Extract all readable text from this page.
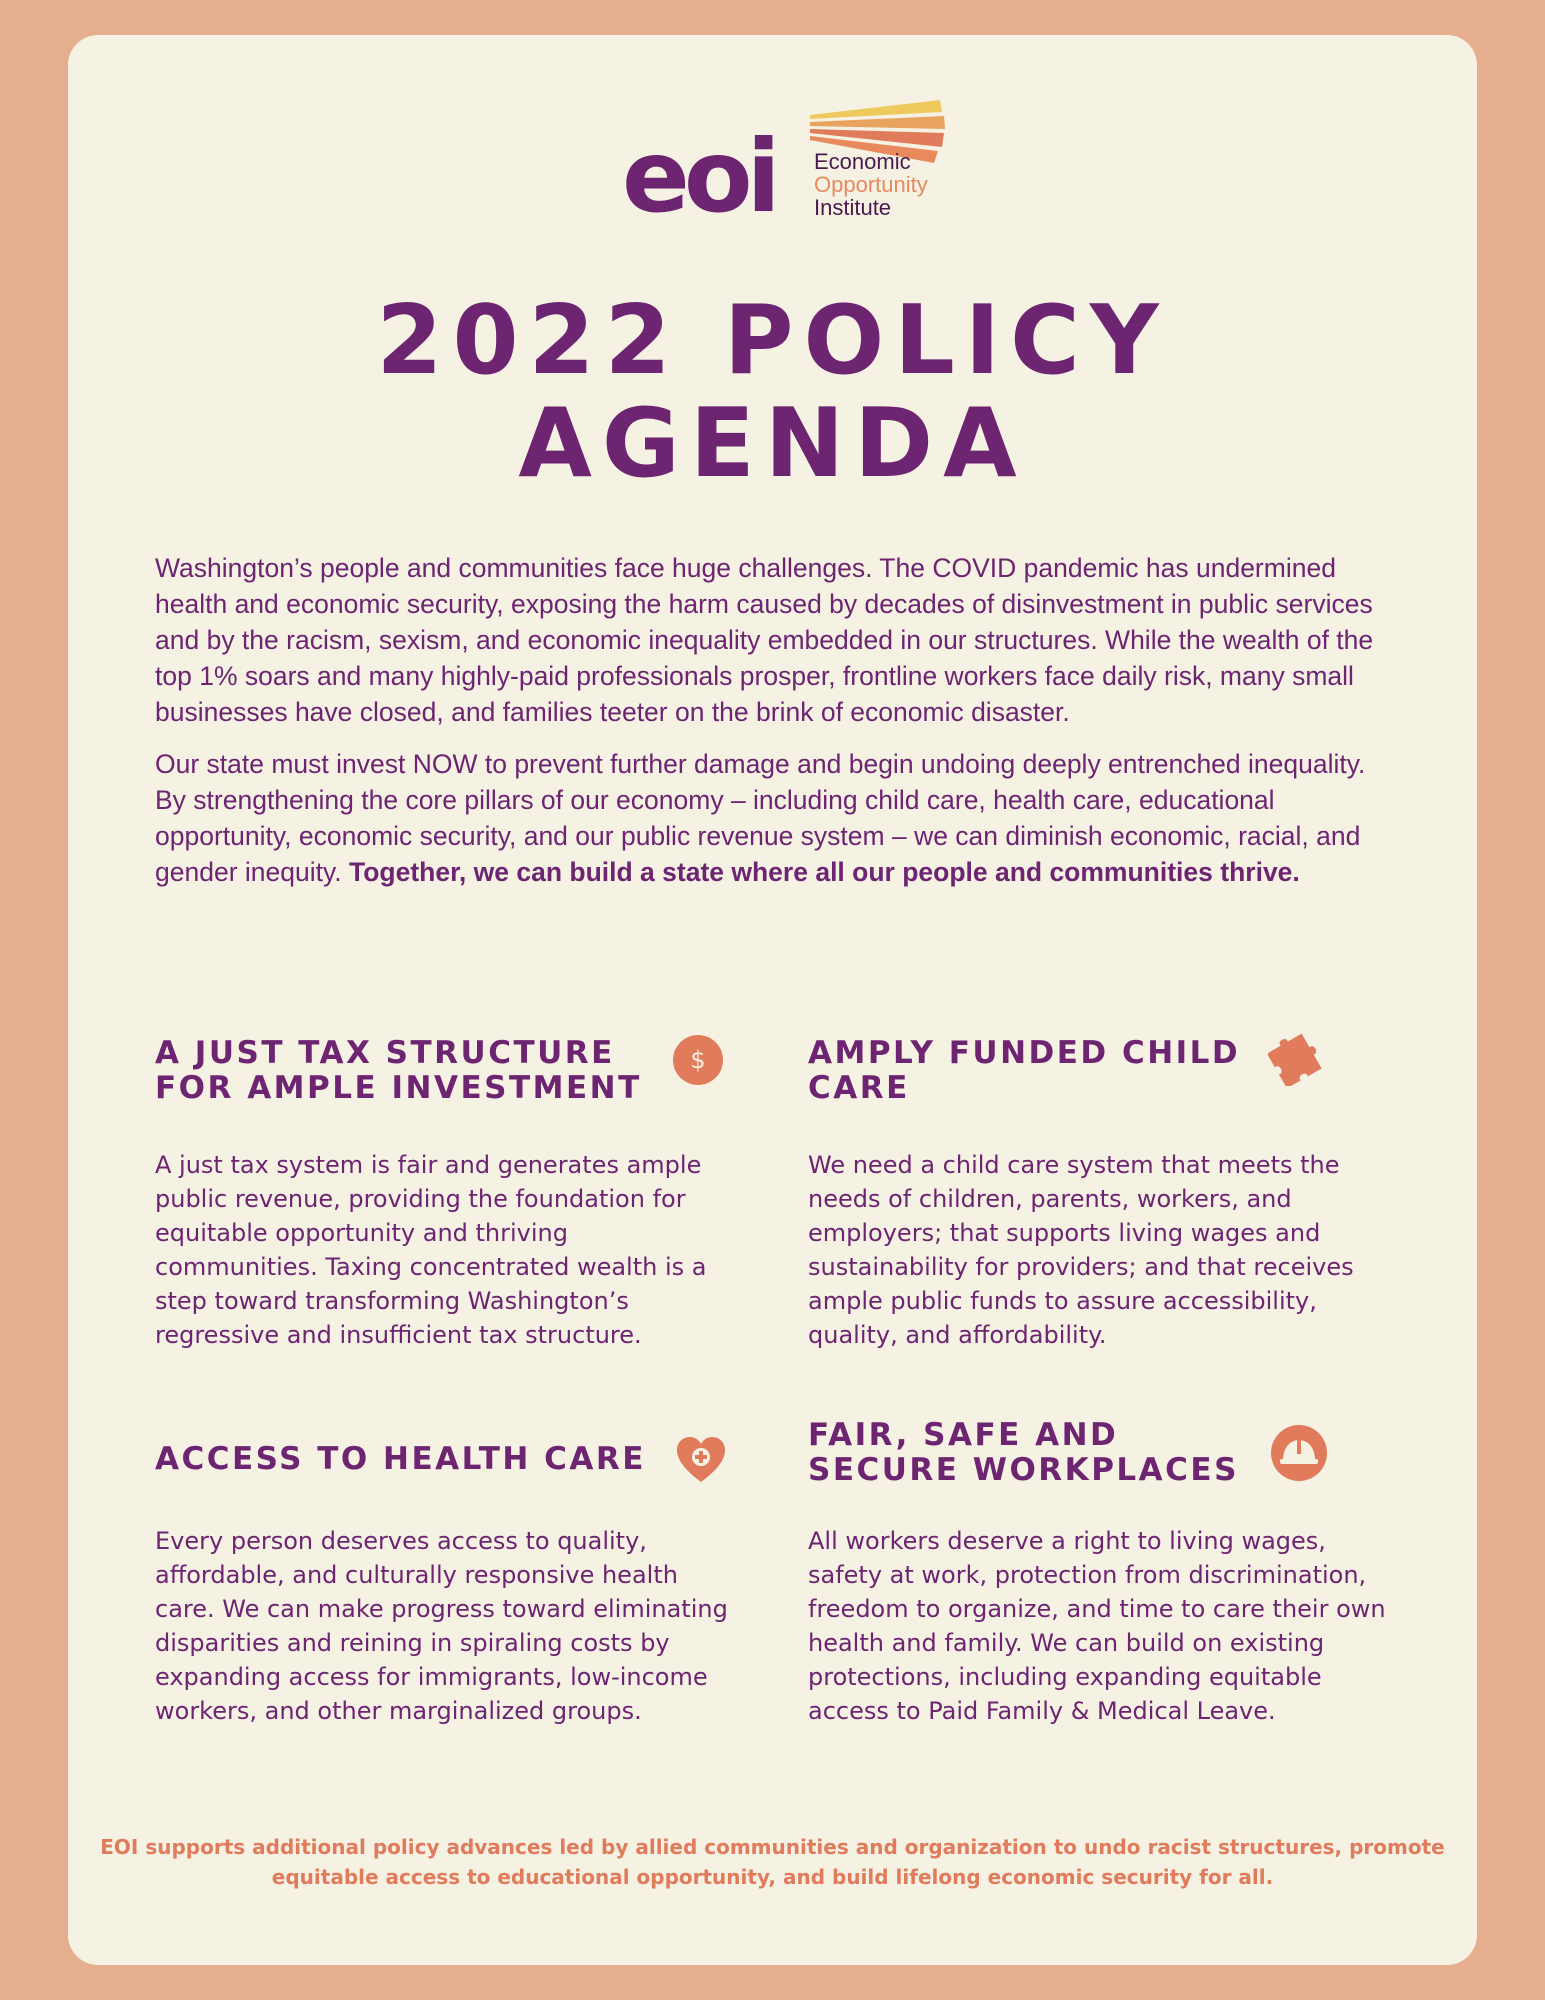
eoi Economic
Opportunity
Institute
2022 POLICY
AGENDA

Washington’s people and communities face huge challenges. The COVID pandemic has undermined health and economic security, exposing the harm caused by decades of disinvestment in public services and by the racism, sexism, and economic inequality embedded in our structures. While the wealth of the top 1% soars and many highly-paid professionals prosper, frontline workers face daily risk, many small businesses have closed, and families teeter on the brink of economic disaster.

Our state must invest NOW to prevent further damage and begin undoing deeply entrenched inequality. By strengthening the core pillars of our economy – including child care, health care, educational opportunity, economic security, and our public revenue system – we can diminish economic, racial, and gender inequity. Together, we can build a state where all our people and communities thrive.

A JUST TAX STRUCTURE
FOR AMPLE INVESTMENT
$

A just tax system is fair and generates ample public revenue, providing the foundation for equitable opportunity and thriving communities. Taxing concentrated wealth is a step toward transforming Washington’s regressive and insufficient tax structure.

AMPLY FUNDED CHILD
CARE

We need a child care system that meets the needs of children, parents, workers, and employers; that supports living wages and sustainability for providers; and that receives ample public funds to assure accessibility, quality, and affordability.

ACCESS TO HEALTH CARE

Every person deserves access to quality, affordable, and culturally responsive health care. We can make progress toward eliminating disparities and reining in spiraling costs by expanding access for immigrants, low-income workers, and other marginalized groups.

FAIR, SAFE AND
SECURE WORKPLACES

All workers deserve a right to living wages, safety at work, protection from discrimination, freedom to organize, and time to care their own health and family. We can build on existing protections, including expanding equitable access to Paid Family & Medical Leave.

EOI supports additional policy advances led by allied communities and organization to undo racist structures, promote equitable access to educational opportunity, and build lifelong economic security for all.
